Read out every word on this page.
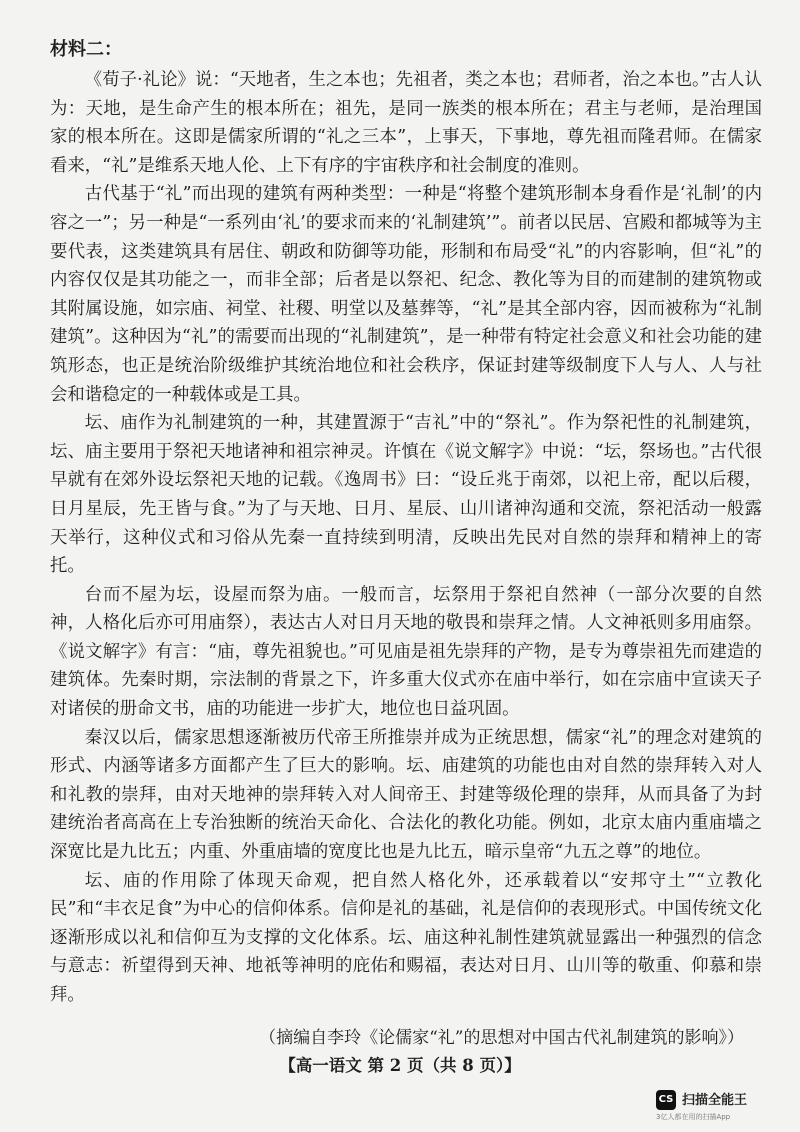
材料二：

《荀子·礼论》说：“天地者，生之本也；先祖者，类之本也；君师者，治之本也。”古人认为：天地，是生命产生的根本所在；祖先，是同一族类的根本所在；君主与老师，是治理国家的根本所在。这即是儒家所谓的“礼之三本”，上事天，下事地，尊先祖而隆君师。在儒家看来，“礼”是维系天地人伦、上下有序的宇宙秩序和社会制度的准则。

古代基于“礼”而出现的建筑有两种类型：一种是“将整个建筑形制本身看作是‘礼制’的内容之一”；另一种是“一系列由‘礼’的要求而来的‘礼制建筑’”。前者以民居、宫殿和都城等为主要代表，这类建筑具有居住、朝政和防御等功能，形制和布局受“礼”的内容影响，但“礼”的内容仅仅是其功能之一，而非全部；后者是以祭祀、纪念、教化等为目的而建制的建筑物或其附属设施，如宗庙、祠堂、社稷、明堂以及墓葬等，“礼”是其全部内容，因而被称为“礼制建筑”。这种因为“礼”的需要而出现的“礼制建筑”，是一种带有特定社会意义和社会功能的建筑形态，也正是统治阶级维护其统治地位和社会秩序，保证封建等级制度下人与人、人与社会和谐稳定的一种载体或是工具。

坛、庙作为礼制建筑的一种，其建置源于“吉礼”中的“祭礼”。作为祭祀性的礼制建筑，坛、庙主要用于祭祀天地诸神和祖宗神灵。许慎在《说文解字》中说：“坛，祭场也。”古代很早就有在郊外设坛祭祀天地的记载。《逸周书》曰：“设丘兆于南郊，以祀上帝，配以后稷，日月星辰，先王皆与食。”为了与天地、日月、星辰、山川诸神沟通和交流，祭祀活动一般露天举行，这种仪式和习俗从先秦一直持续到明清，反映出先民对自然的崇拜和精神上的寄托。

台而不屋为坛，设屋而祭为庙。一般而言，坛祭用于祭祀自然神（一部分次要的自然神，人格化后亦可用庙祭），表达古人对日月天地的敬畏和崇拜之情。人文神祇则多用庙祭。《说文解字》有言：“庙，尊先祖貌也。”可见庙是祖先崇拜的产物，是专为尊崇祖先而建造的建筑体。先秦时期，宗法制的背景之下，许多重大仪式亦在庙中举行，如在宗庙中宣读天子对诸侯的册命文书，庙的功能进一步扩大，地位也日益巩固。

秦汉以后，儒家思想逐渐被历代帝王所推崇并成为正统思想，儒家“礼”的理念对建筑的形式、内涵等诸多方面都产生了巨大的影响。坛、庙建筑的功能也由对自然的崇拜转入对人和礼教的崇拜，由对天地神的崇拜转入对人间帝王、封建等级伦理的崇拜，从而具备了为封建统治者高高在上专治独断的统治天命化、合法化的教化功能。例如，北京太庙内重庙墙之深宽比是九比五；内重、外重庙墙的宽度比也是九比五，暗示皇帝“九五之尊”的地位。

坛、庙的作用除了体现天命观，把自然人格化外，还承载着以“安邦守土”“立教化民”和“丰衣足食”为中心的信仰体系。信仰是礼的基础，礼是信仰的表现形式。中国传统文化逐渐形成以礼和信仰互为支撑的文化体系。坛、庙这种礼制性建筑就显露出一种强烈的信念与意志：祈望得到天神、地祇等神明的庇佑和赐福，表达对日月、山川等的敬重、仰慕和崇拜。

（摘编自李玲《论儒家“礼”的思想对中国古代礼制建筑的影响》）
【高一语文 第 2 页（共 8 页）】
CS 扫描全能王
3亿人都在用的扫描App
